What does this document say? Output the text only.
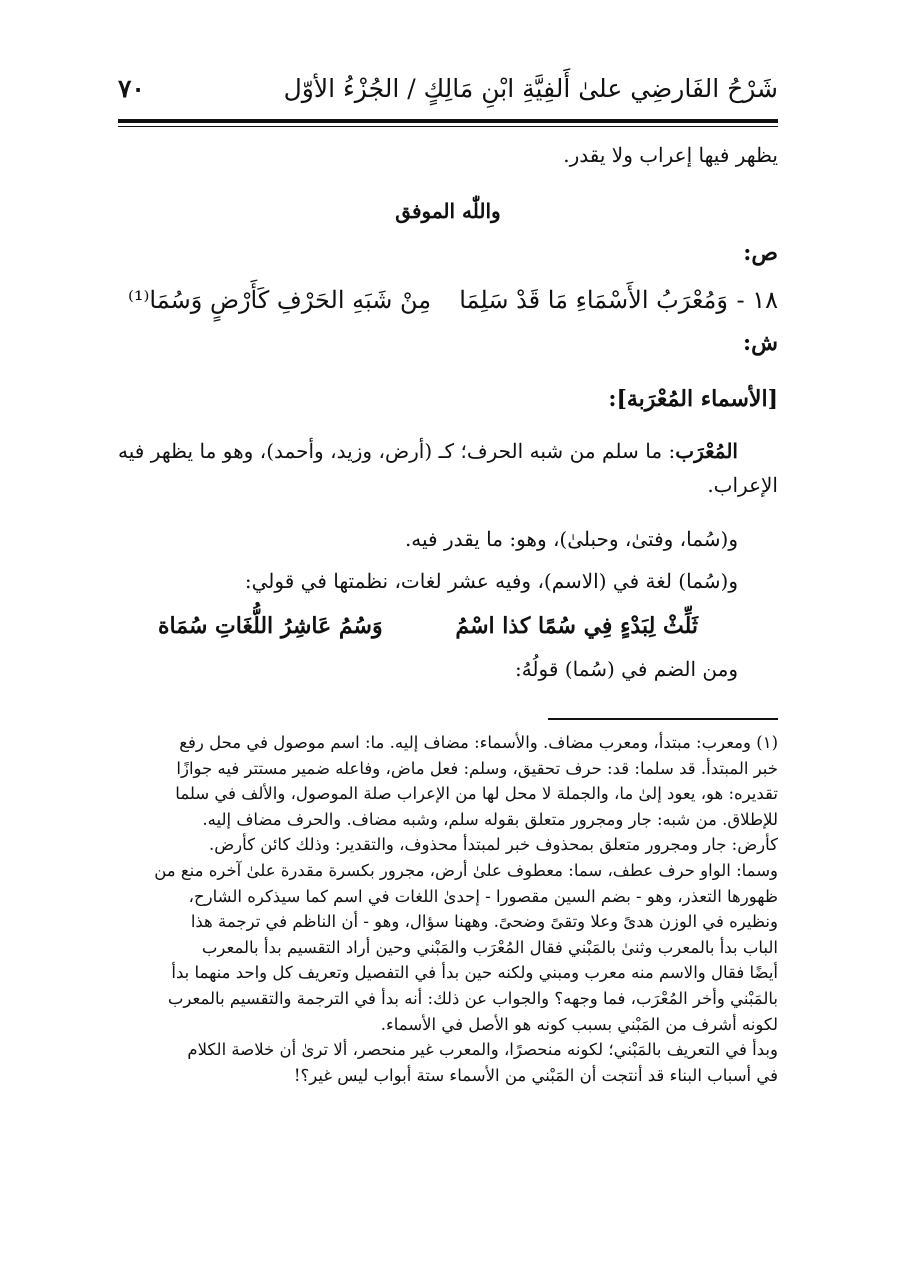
شَرْحُ الفَارضِي علىٰ أَلفِيَّةِ ابْنِ مَالِكٍ / الجُزْءُ الأوّل
٧٠
يظهر فيها إعراب ولا يقدر.
واللّٰه الموفق
ص:
١٨ -
وَمُعْرَبُ الأَسْمَاءِ مَا قَدْ سَلِمَا
مِنْ شَبَهِ الحَرْفِ كَأَرْضٍ وَسُمَا⁽¹⁾
ش:
[الأسماء المُعْرَبة]:
المُعْرَب: ما سلم من شبه الحرف؛ كـ (أرض، وزيد، وأحمد)، وهو ما يظهر فيه الإعراب.
و(سُما، وفتىٰ، وحبلىٰ)، وهو: ما يقدر فيه.
و(سُما) لغة في (الاسم)، وفيه عشر لغات، نظمتها في قولي:
ثَلِّثْ لِبَدْءٍ فِي سُمًا كذا اسْمُ
وَسُمُ عَاشِرُ اللُّغَاتِ سُمَاة
ومن الضم في (سُما) قولُهُ:
(١) ومعرب: مبتدأ، ومعرب مضاف. والأسماء: مضاف إليه. ما: اسم موصول في محل رفع
خبر المبتدأ. قد سلما: قد: حرف تحقيق، وسلم: فعل ماض، وفاعله ضمير مستتر فيه جوازًا
تقديره: هو، يعود إلىٰ ما، والجملة لا محل لها من الإعراب صلة الموصول، والألف في سلما
للإطلاق. من شبه: جار ومجرور متعلق بقوله سلم، وشبه مضاف. والحرف مضاف إليه.
كأرض: جار ومجرور متعلق بمحذوف خبر لمبتدأ محذوف، والتقدير: وذلك كائن كأرض.
وسما: الواو حرف عطف، سما: معطوف علىٰ أرض، مجرور بكسرة مقدرة علىٰ آخره منع من
ظهورها التعذر، وهو - بضم السين مقصورا - إحدىٰ اللغات في اسم كما سيذكره الشارح،
ونظيره في الوزن هدىً وعلا وتقىً وضحىً. وههنا سؤال، وهو - أن الناظم في ترجمة هذا
الباب بدأ بالمعرب وثنىٰ بالمَبْني فقال المُعْرَب والمَبْني وحين أراد التقسيم بدأ بالمعرب
أيضًا فقال والاسم منه معرب ومبني ولكنه حين بدأ في التفصيل وتعريف كل واحد منهما بدأ
بالمَبْني وأخر المُعْرَب، فما وجهه؟ والجواب عن ذلك: أنه بدأ في الترجمة والتقسيم بالمعرب
لكونه أشرف من المَبْني بسبب كونه هو الأصل في الأسماء.
وبدأ في التعريف بالمَبْني؛ لكونه منحصرًا، والمعرب غير منحصر، ألا ترىٰ أن خلاصة الكلام
في أسباب البناء قد أنتجت أن المَبْني من الأسماء ستة أبواب ليس غير؟!
